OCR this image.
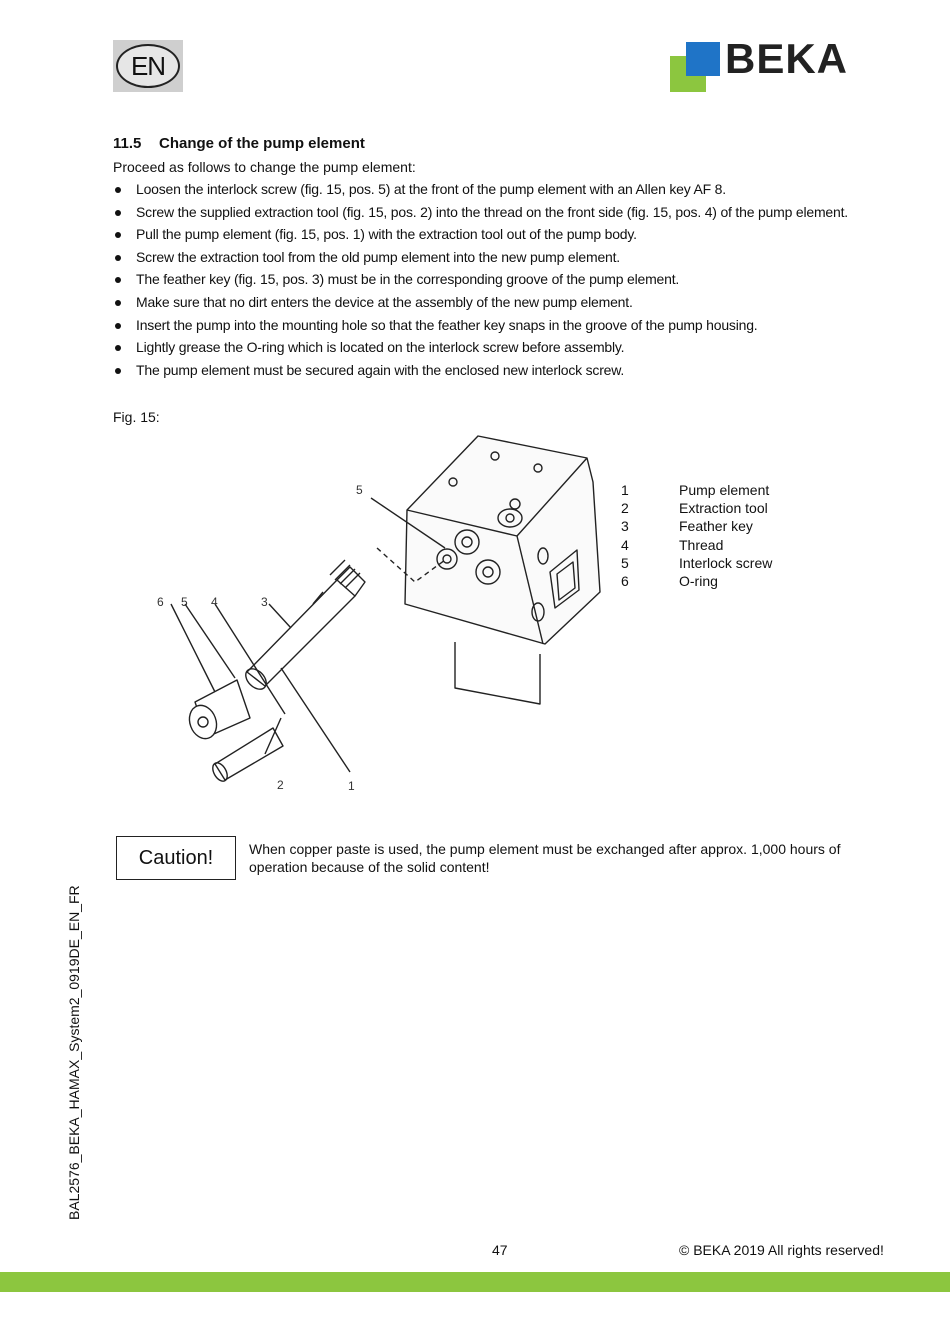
EN	BEKA
11.5 Change of the pump element
Proceed as follows to change the pump element:
Loosen the interlock screw (fig. 15, pos. 5) at the front of the pump element with an Allen key AF 8.
Screw the supplied extraction tool (fig. 15, pos. 2) into the thread on the front side (fig. 15, pos. 4) of the pump element.
Pull the pump element (fig. 15, pos. 1) with the extraction tool out of the pump body.
Screw the extraction tool from the old pump element into the new pump element.
The feather key (fig. 15, pos. 3) must be in the corresponding groove of the pump element.
Make sure that no dirt enters the device at the assembly of the new pump element.
Insert the pump into the mounting hole so that the feather key snaps in the groove of the pump housing.
Lightly grease the O-ring which is located on the interlock screw before assembly.
The pump element must be secured again with the enclosed new interlock screw.
Fig. 15:
5
6 5 4	3
2	1
1	Pump element
2	Extraction tool
3	Feather key
4	Thread
5	Interlock screw
6	O-ring
Caution!	When copper paste is used, the pump element must be exchanged after approx. 1,000 hours of operation because of the solid content!
BAL2576_BEKA_HAMAX_System2_0919DE_EN_FR
47	© BEKA 2019 All rights reserved!
